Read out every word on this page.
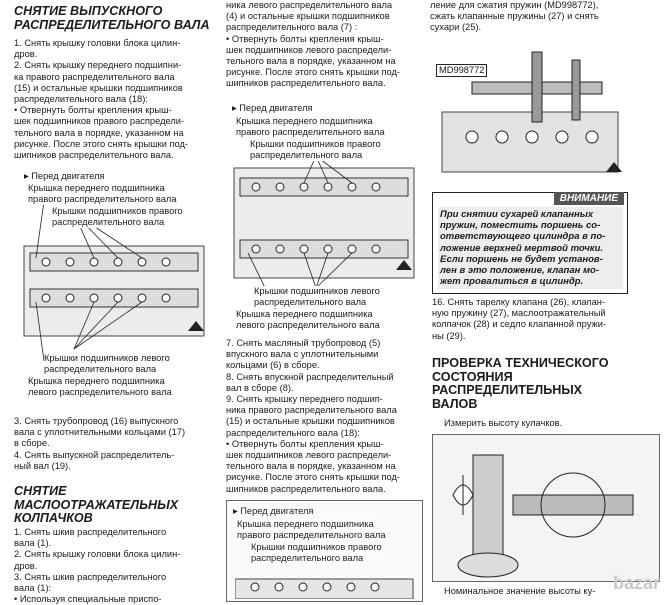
СНЯТИЕ ВЫПУСКНОГО

РАСПРЕДЕЛИТЕЛЬНОГО ВАЛА

1. Снять крышку головки блока цилин-

дров.

2. Снять крышку переднего подшипни-

ка правого распределительного вала

(15) и остальные крышки подшипников

распределительного вала (18):

• Отвернуть болты крепления крыш-

шек подшипников правого распредели-

тельного вала в порядке, указанном на

рисунке. После этого снять крышки под-

шипников распределительного вала.

▸ Перед двигателя
Крышка переднего подшипника
правого распределительного вала
Крышки подшипников правого
распределительного вала
Крышки подшипников левого
распределительного вала
Крышка переднего подшипника
левого распределительного вала

3. Снять трубопровод (16) выпускного

вала с уплотнительными кольцами (17)

в сборе.

4. Снять выпускной распределитель-

ный вал (19).

СНЯТИЕ

МАСЛООТРАЖАТЕЛЬНЫХ

КОЛПАЧКОВ

1. Снять шкив распределительного

вала (1).

2. Снять крышку головки блока цилин-

дров.

3. Снять шкив распределительного

вала (1):

• Используя специальные приспо-

ника левого распределительного вала

(4) и остальные крышки подшипников

распределительного вала (7) :

• Отвернуть болты крепления крыш-

шек подшипников левого распредели-

тельного вала в порядке, указанном на

рисунке. После этого снять крышки под-

шипников распределительного вала.

▸ Перед двигателя
Крышка переднего подшипника
правого распределительного вала
Крышки подшипников правого
распределительного вала
Крышки подшипников левого
распределительного вала
Крышка переднего подшипника
левого распределительного вала

7. Снять масляный трубопровод (5)

впускного вала с уплотнительными

кольцами (6) в сборе.

8. Снять впускной распределительный

вал в сборе (8).

9. Снять крышку переднего подшип-

ника правого распределительного вала

(15) и остальные крышки подшипников

распределительного вала (18):

• Отвернуть болты крепления крыш-

шек подшипников левого распредели-

тельного вала в порядке, указанном на

рисунке. После этого снять крышки под-

шипников распределительного вала.

▸ Перед двигателя
Крышка переднего подшипника
правого распределительного вала
Крышки подшипников правого
распределительного вала

ление для сжатия пружин (MD998772),

сжать клапанные пружины (27) и снять

сухари (25).

MD998772
ВНИМАНИЕ
При снятии сухарей клапанных
пружин, поместить поршень со-
ответствующего цилиндра в по-
ложение верхней мертвой точки.
Если поршень не будет установ-
лен в это положение, клапан мо-
жет провалиться в цилиндр.

16. Снять тарелку клапана (26), клапан-

ную пружину (27), маслоотражательный

колпачок (28) и седло клапанной пружи-

ны (29).

ПРОВЕРКА ТЕХНИЧЕСКОГО

СОСТОЯНИЯ

РАСПРЕДЕЛИТЕЛЬНЫХ

ВАЛОВ

Измерить высоту кулачков.

Номинальное значение высоты ку- bazar
